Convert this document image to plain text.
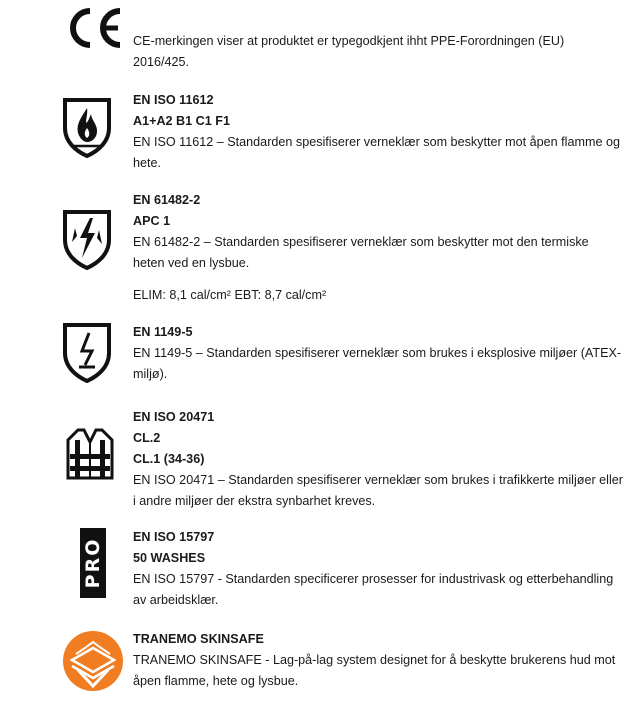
CE-merkingen viser at produktet er typegodkjent ihht PPE-Forordningen (EU) 2016/425.
EN ISO 11612
A1+A2 B1 C1 F1
EN ISO 11612 – Standarden spesifiserer verneklær som beskytter mot åpen flamme og hete.
EN 61482-2
APC 1
EN 61482-2 – Standarden spesifiserer verneklær som beskytter mot den termiske heten ved en lysbue.
ELIM: 8,1 cal/cm² EBT: 8,7 cal/cm²
EN 1149-5
EN 1149-5 – Standarden spesifiserer verneklær som brukes i eksplosive miljøer (ATEX-miljø).
EN ISO 20471
CL.2
CL.1 (34-36)
EN ISO 20471 – Standarden spesifiserer verneklær som brukes i trafikkerte miljøer eller i andre miljøer der ekstra synbarhet kreves.
PRO
EN ISO 15797
50 WASHES
EN ISO 15797 - Standarden specificerer prosesser for industrivask og etterbehandling av arbeidsklær.
TRANEMO SKINSAFE
TRANEMO SKINSAFE - Lag-på-lag system designet for å beskytte brukerens hud mot åpen flamme, hete og lysbue.
